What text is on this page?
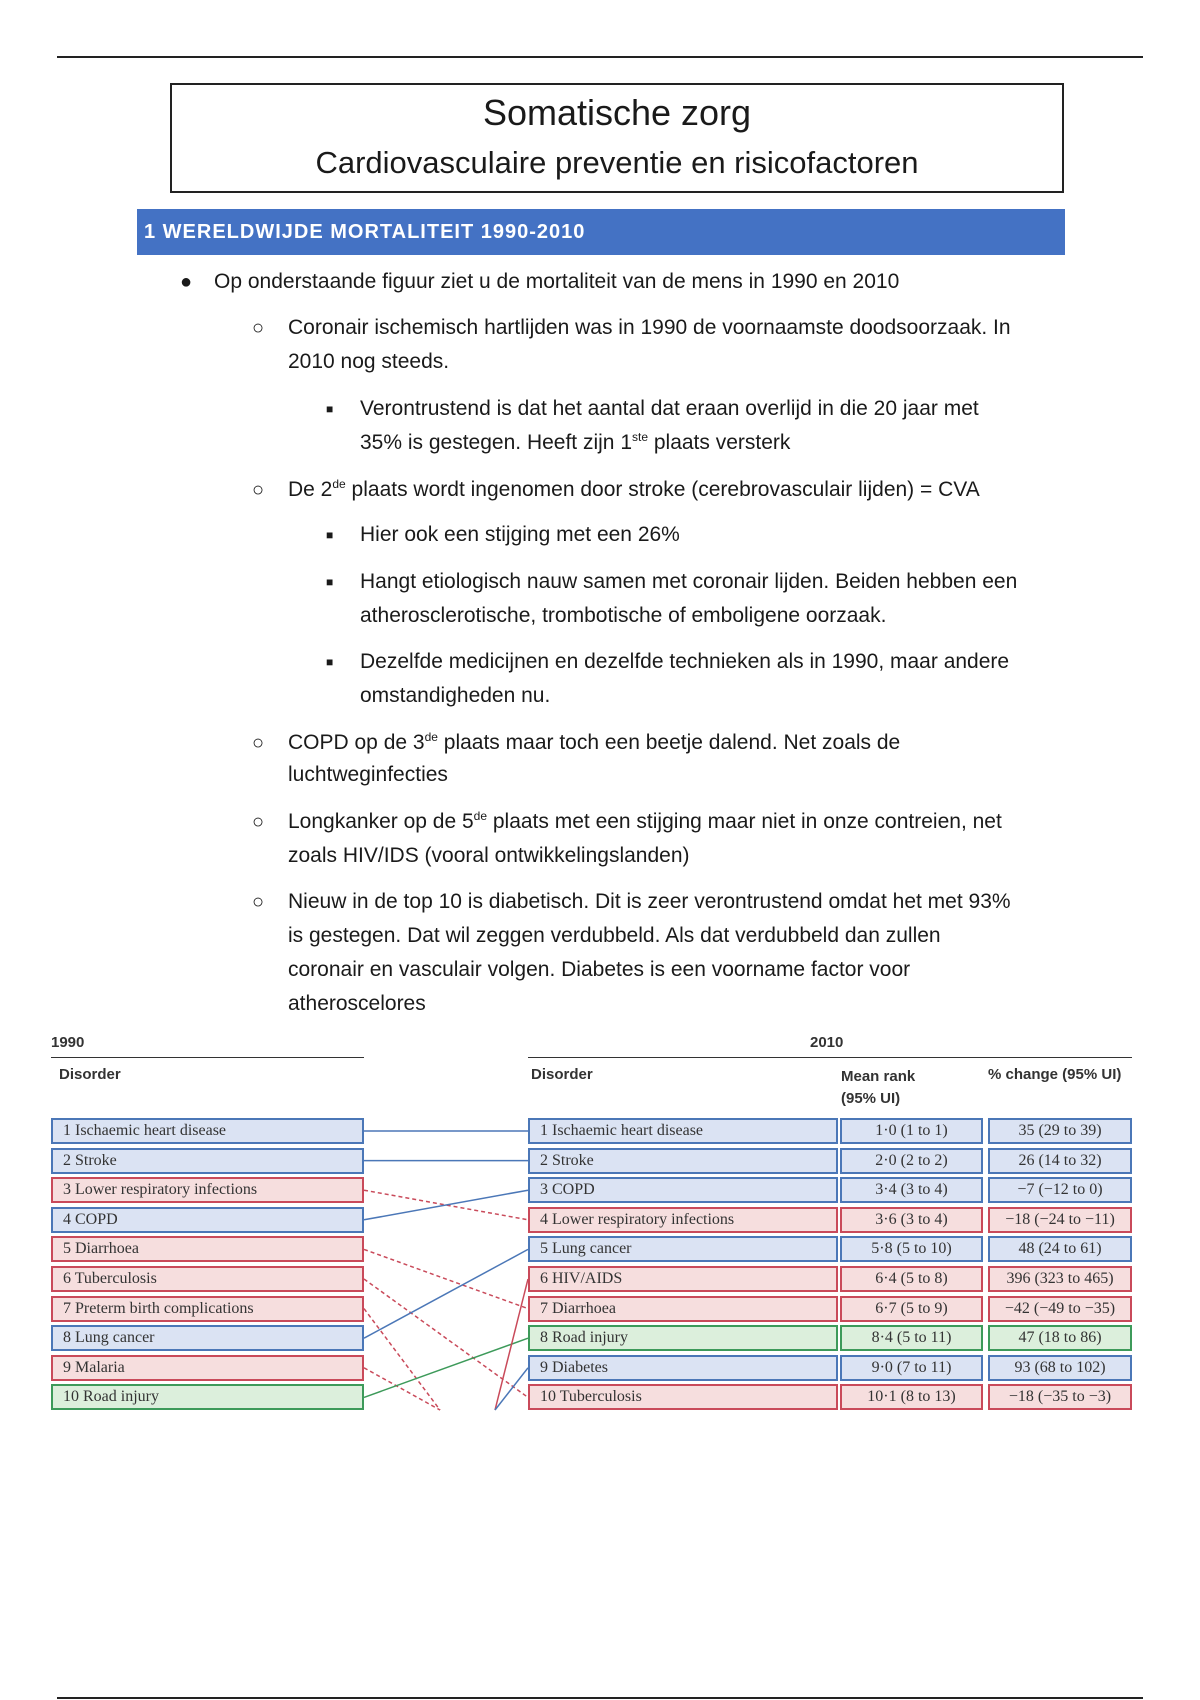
Somatische zorg
Cardiovasculaire preventie en risicofactoren
1 WERELDWIJDE MORTALITEIT 1990-2010
● Op onderstaande figuur ziet u de mortaliteit van de mens in 1990 en 2010

○ Coronair ischemisch hartlijden was in 1990 de voornaamste doodsoorzaak. In

2010 nog steeds.

■ Verontrustend is dat het aantal dat eraan overlijd in die 20 jaar met

35% is gestegen. Heeft zijn 1ste plaats versterk

○ De 2de plaats wordt ingenomen door stroke (cerebrovasculair lijden) = CVA

■ Hier ook een stijging met een 26%

■ Hangt etiologisch nauw samen met coronair lijden. Beiden hebben een

atherosclerotische, trombotische of emboligene oorzaak.

■ Dezelfde medicijnen en dezelfde technieken als in 1990, maar andere

omstandigheden nu.

○ COPD op de 3de plaats maar toch een beetje dalend. Net zoals de

luchtweginfecties

○ Longkanker op de 5de plaats met een stijging maar niet in onze contreien, net

zoals HIV/IDS (vooral ontwikkelingslanden)

○ Nieuw in de top 10 is diabetisch. Dit is zeer verontrustend omdat het met 93%

is gestegen. Dat wil zeggen verdubbeld. Als dat verdubbeld dan zullen

coronair en vasculair volgen. Diabetes is een voorname factor voor

atheroscelores

1990	2010
Disorder	Disorder	Mean rank
(95% UI)
% change (95% UI)
1 Ischaemic heart disease
2 Stroke
3 Lower respiratory infections
4 COPD
5 Diarrhoea
6 Tuberculosis
7 Preterm birth complications
8 Lung cancer
9 Malaria
10 Road injury
1 Ischaemic heart disease	1·0 (1 to 1)	35 (29 to 39)
2 Stroke	2·0 (2 to 2)	26 (14 to 32)
3 COPD	3·4 (3 to 4)	−7 (−12 to 0)
4 Lower respiratory infections	3·6 (3 to 4)	−18 (−24 to −11)
5 Lung cancer	5·8 (5 to 10)	48 (24 to 61)
6 HIV/AIDS	6·4 (5 to 8)	396 (323 to 465)
7 Diarrhoea	6·7 (5 to 9)	−42 (−49 to −35)
8 Road injury	8·4 (5 to 11)	47 (18 to 86)
9 Diabetes	9·0 (7 to 11)	93 (68 to 102)
10 Tuberculosis	10·1 (8 to 13)	−18 (−35 to −3)
